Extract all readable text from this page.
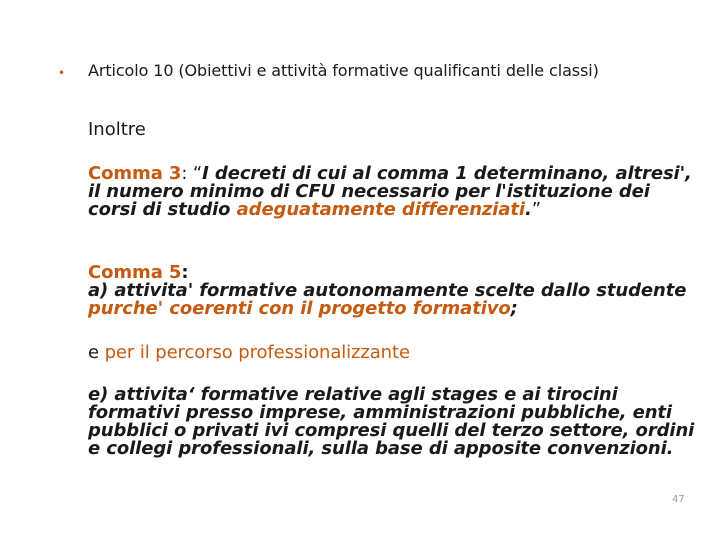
• Articolo 10 (Obiettivi e attività formative qualificanti delle classi)
Inoltre
Comma 3: “I decreti di cui al comma 1 determinano, altresi', il numero minimo di CFU necessario per l'istituzione dei corsi di studio adeguatamente differenziati.”
Comma 5:
a) attivita' formative autonomamente scelte dallo studente purche' coerenti con il progetto formativo;
e per il percorso professionalizzante
e) attivita‘ formative relative agli stages e ai tirocini formativi presso imprese, amministrazioni pubbliche, enti pubblici o privati ivi compresi quelli del terzo settore, ordini e collegi professionali, sulla base di apposite convenzioni.
47
